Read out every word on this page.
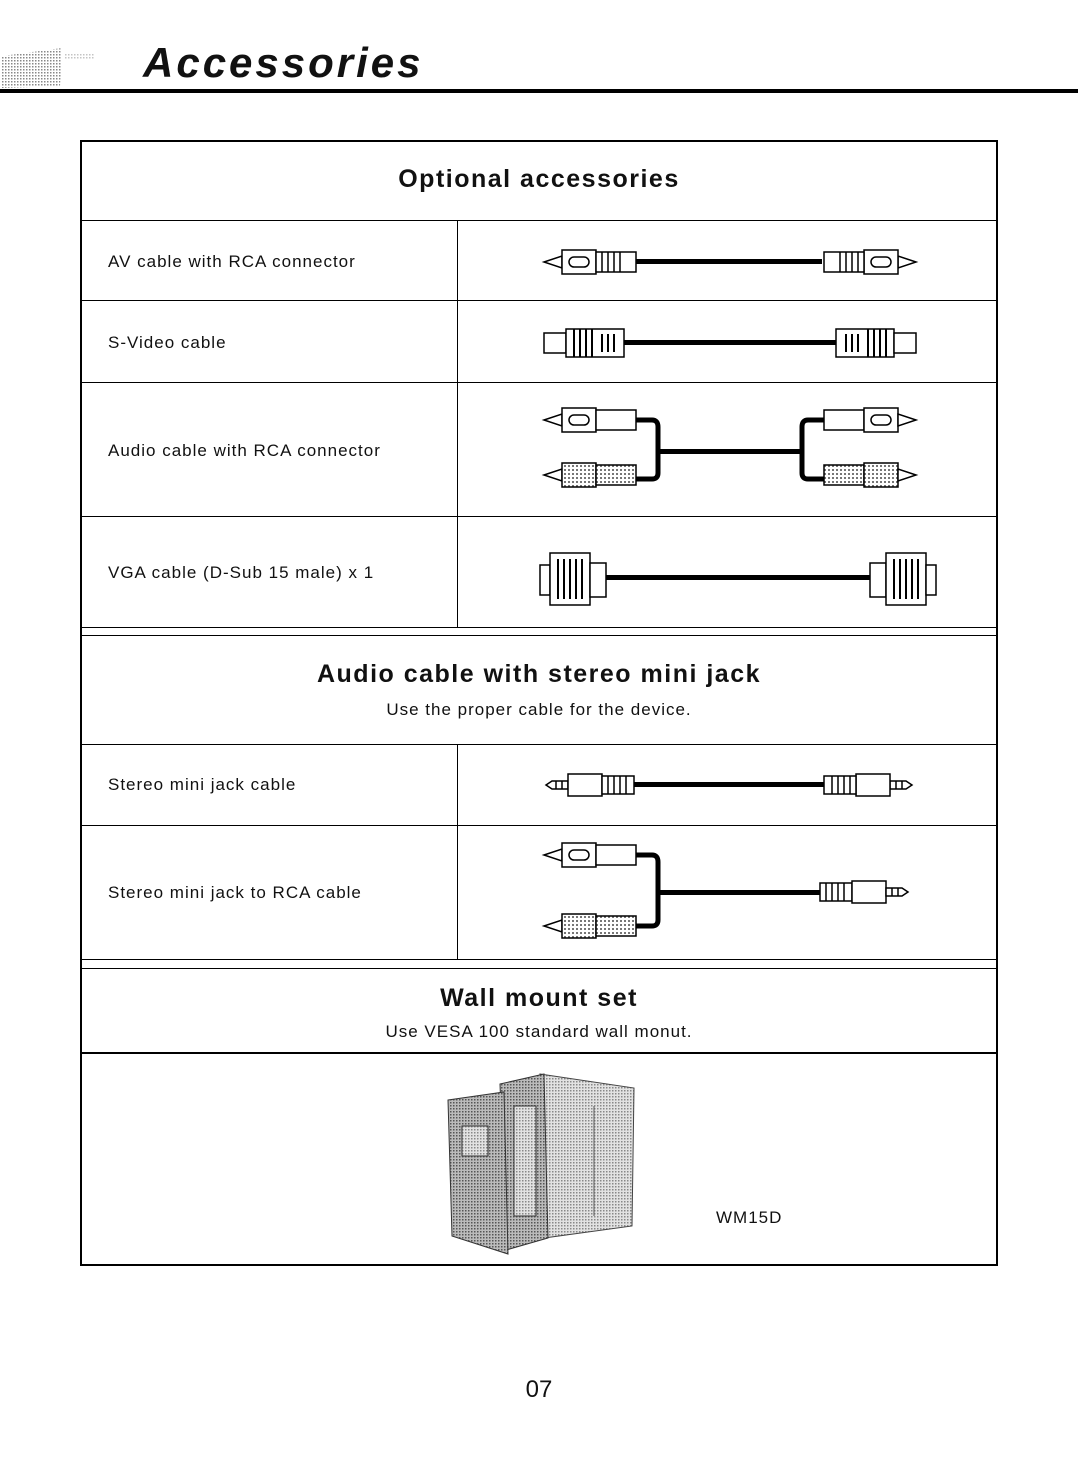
Accessories
Optional accessories
AV cable with RCA connector
S-Video cable
Audio cable with RCA connector
VGA cable (D-Sub 15 male) x 1
Audio cable with stereo mini jack

Use the proper cable for the device.

Stereo mini jack cable
Stereo mini jack to RCA cable
Wall mount set

Use VESA 100 standard wall monut.

WM15D
07
